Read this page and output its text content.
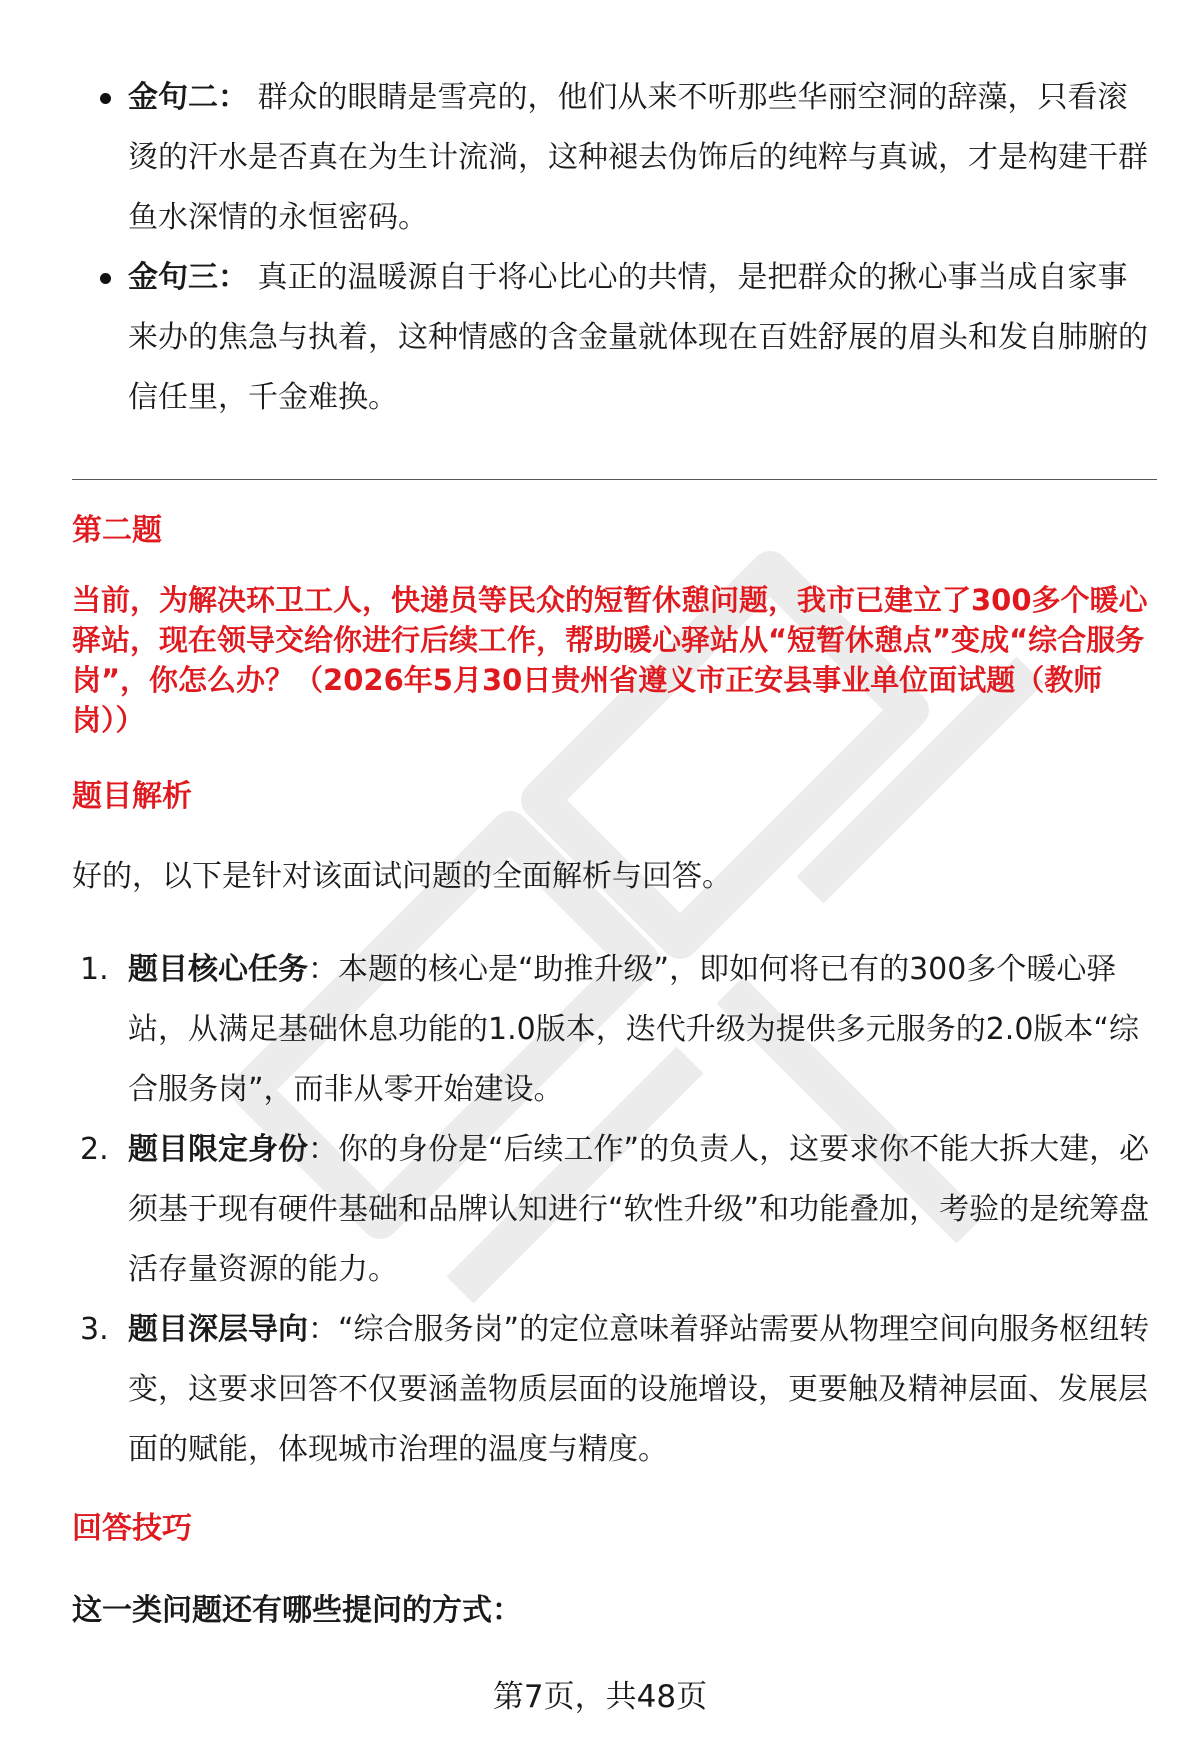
金句二： 群众的眼睛是雪亮的，他们从来不听那些华丽空洞的辞藻，只看滚烫的汗水是否真在为生计流淌，这种褪去伪饰后的纯粹与真诚，才是构建干群鱼水深情的永恒密码。
金句三： 真正的温暖源自于将心比心的共情，是把群众的揪心事当成自家事来办的焦急与执着，这种情感的含金量就体现在百姓舒展的眉头和发自肺腑的信任里，千金难换。
第二题
当前，为解决环卫工人，快递员等民众的短暂休憩问题，我市已建立了300多个暖心驿站，现在领导交给你进行后续工作，帮助暖心驿站从“短暂休憩点”变成“综合服务岗”，你怎么办？（2026年5月30日贵州省遵义市正安县事业单位面试题（教师岗））
题目解析
好的，以下是针对该面试问题的全面解析与回答。
1. 题目核心任务：本题的核心是“助推升级”，即如何将已有的300多个暖心驿站，从满足基础休息功能的1.0版本，迭代升级为提供多元服务的2.0版本“综合服务岗”，而非从零开始建设。
2. 题目限定身份：你的身份是“后续工作”的负责人，这要求你不能大拆大建，必须基于现有硬件基础和品牌认知进行“软性升级”和功能叠加，考验的是统筹盘活存量资源的能力。
3. 题目深层导向：“综合服务岗”的定位意味着驿站需要从物理空间向服务枢纽转变，这要求回答不仅要涵盖物质层面的设施增设，更要触及精神层面、发展层面的赋能，体现城市治理的温度与精度。
回答技巧
这一类问题还有哪些提问的方式：
第7页，共48页
